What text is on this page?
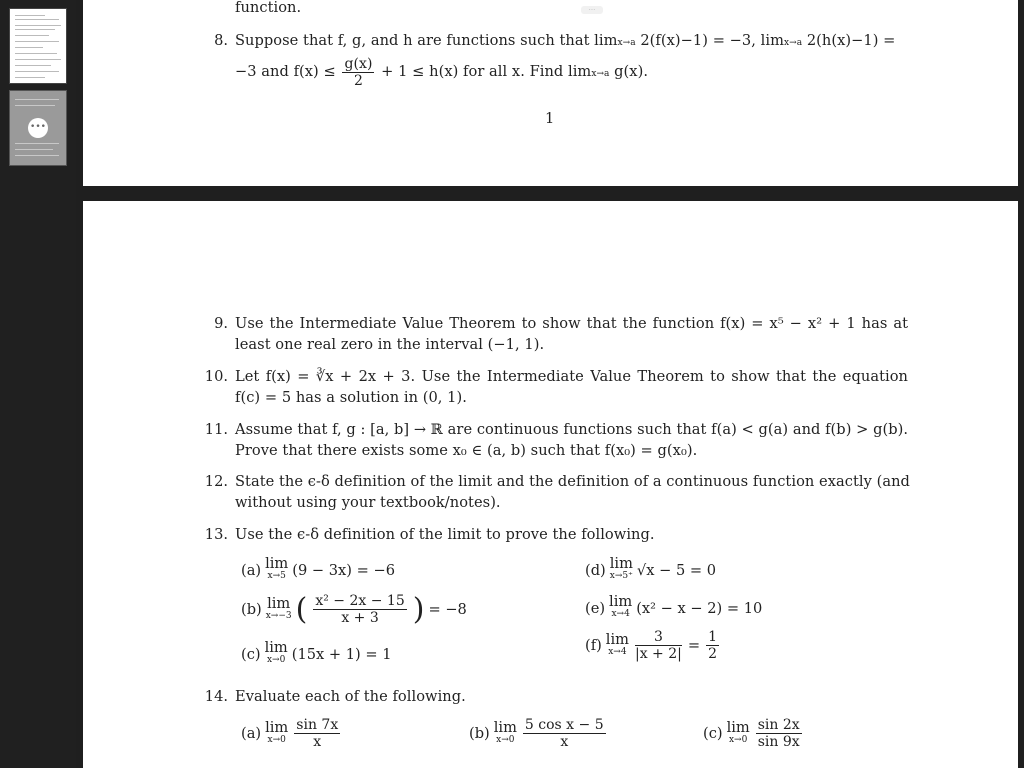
•••
···
function.
8. Suppose that f, g, and h are functions such that limx→a 2(f(x)−1) = −3, limx→a 2(h(x)−1) =
−3 and $f(x) \le \frac{g(x)}{2} + 1 \le h(x)$ for all x. Find limx→a g(x).
1
9. Use the Intermediate Value Theorem to show that the function f(x) = x⁵ − x² + 1 has at
least one real zero in the interval (−1, 1).
10. Let f(x) = ∛x + 2x + 3. Use the Intermediate Value Theorem to show that the equation
f(c) = 5 has a solution in (0, 1).
11. Assume that f, g : [a, b] → ℝ are continuous functions such that f(a) < g(a) and f(b) > g(b).
Prove that there exists some x₀ ∈ (a, b) such that f(x₀) = g(x₀).
12. State the ϵ-δ definition of the limit and the definition of a continuous function exactly (and
without using your textbook/notes).
13. Use the ϵ-δ definition of the limit to prove the following.
(a) lim
x→5 (9 − 3x) = −6
(b) lim
x→−3 ( $\frac{\text{x² − 2x − 15}}{x + 3}$ ) = −8
(c) lim
x→0 (15x + 1) = 1
(d) lim
x→5⁺ √x − 5 = 0
(e) lim
x→4 (x² − x − 2) = 10
(f) lim
$x\to 4 \frac{3}{|x + 2|} = \frac{1}{2}$
14. Evaluate each of the following.
(a) lim
$x\to 0 \frac{\sin 7x}{x}$	(b) lim
$x\to 0 \frac{\text{5 cos x − 5}}{x}$	(c) lim
$x\to 0 \frac{\sin 2x}{\sin 9x}$
